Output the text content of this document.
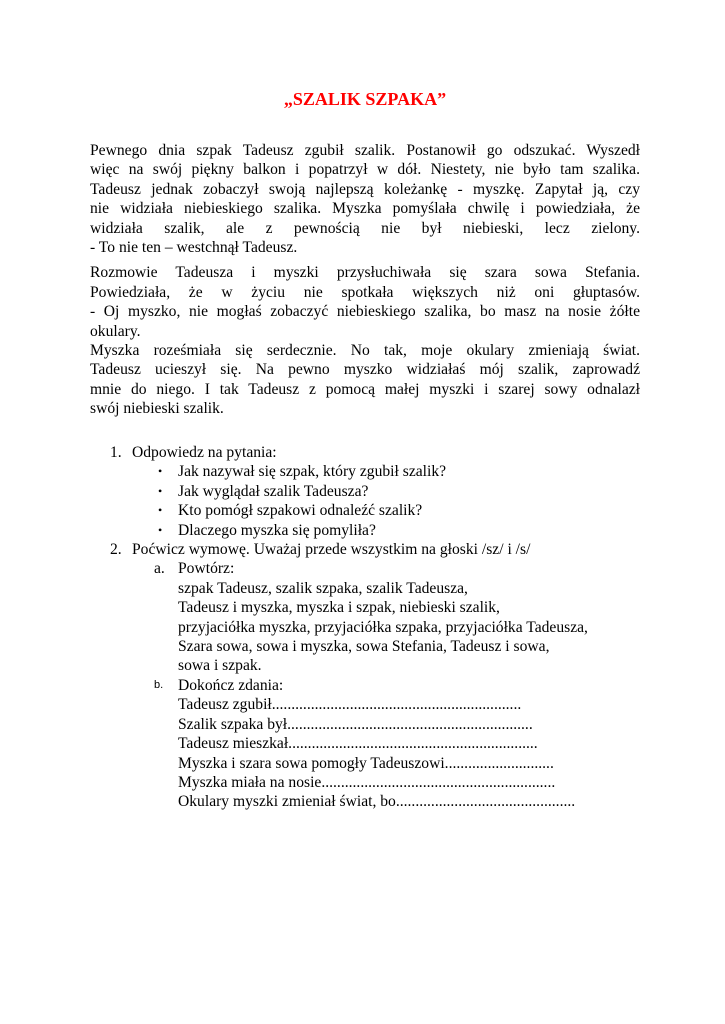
„SZALIK SZPAKA”

Pewnego dnia szpak Tadeusz zgubił szalik. Postanowił go odszukać. Wyszedł
więc na swój piękny balkon i popatrzył w dół. Niestety, nie było tam szalika.
Tadeusz jednak zobaczył swoją najlepszą koleżankę - myszkę. Zapytał ją, czy
nie widziała niebieskiego szalika. Myszka pomyślała chwilę i powiedziała, że
widziała szalik, ale z pewnością nie był niebieski, lecz zielony.
- To nie ten – westchnął Tadeusz.

Rozmowie Tadeusza i myszki przysłuchiwała się szara sowa Stefania.
Powiedziała, że w życiu nie spotkała większych niż oni głuptasów.
- Oj myszko, nie mogłaś zobaczyć niebieskiego szalika, bo masz na nosie żółte
okulary.
Myszka roześmiała się serdecznie. No tak, moje okulary zmieniają świat.
Tadeusz ucieszył się. Na pewno myszko widziałaś mój szalik, zaprowadź
mnie do niego. I tak Tadeusz z pomocą małej myszki i szarej sowy odnalazł
swój niebieski szalik.

1. Odpowiedz na pytania:
• Jak nazywał się szpak, który zgubił szalik?
• Jak wyglądał szalik Tadeusza?
• Kto pomógł szpakowi odnaleźć szalik?
• Dlaczego myszka się pomyliła?
2. Poćwicz wymowę. Uważaj przede wszystkim na głoski /sz/ i /s/
a. Powtórz:
szpak Tadeusz, szalik szpaka, szalik Tadeusza,
Tadeusz i myszka, myszka i szpak, niebieski szalik,
przyjaciółka myszka, przyjaciółka szpaka, przyjaciółka Tadeusza,
Szara sowa, sowa i myszka, sowa Stefania, Tadeusz i sowa,
sowa i szpak.
b. Dokończ zdania:
Tadeusz zgubił................................................................
Szalik szpaka był...............................................................
Tadeusz mieszkał................................................................
Myszka i szara sowa pomogły Tadeuszowi............................
Myszka miała na nosie............................................................
Okulary myszki zmieniał świat, bo..............................................
